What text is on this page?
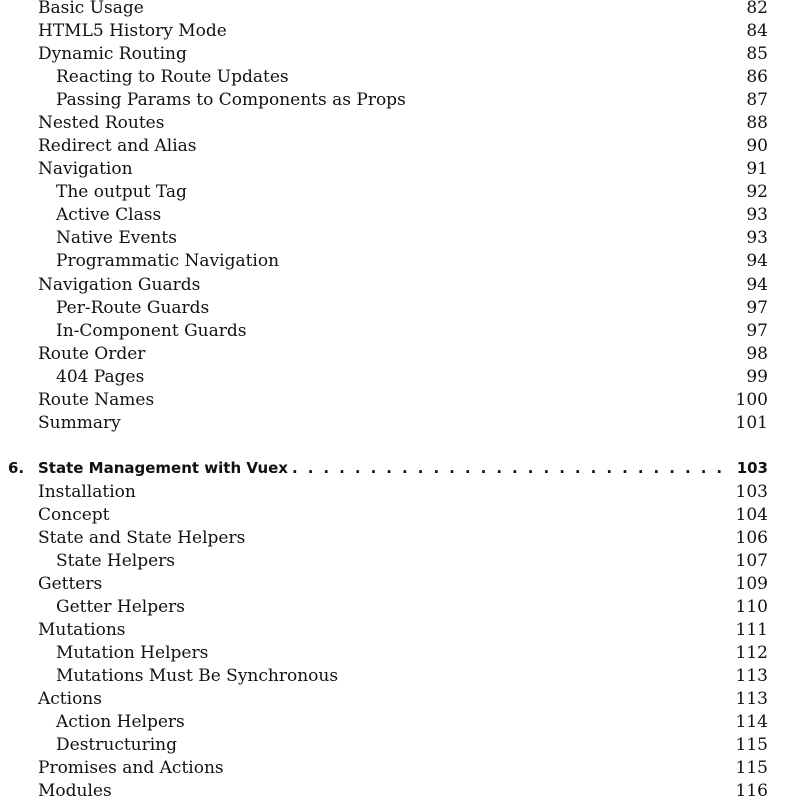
Basic Usage	82
HTML5 History Mode	84
Dynamic Routing	85
Reacting to Route Updates	86
Passing Params to Components as Props	87
Nested Routes	88
Redirect and Alias	90
Navigation	91
The output Tag	92
Active Class	93
Native Events	93
Programmatic Navigation	94
Navigation Guards	94
Per-Route Guards	97
In-Component Guards	97
Route Order	98
404 Pages	99
Route Names	100
Summary	101
6. State Management with Vuex . . .	103
Installation	103
Concept	104
State and State Helpers	106
State Helpers	107
Getters	109
Getter Helpers	110
Mutations	111
Mutation Helpers	112
Mutations Must Be Synchronous	113
Actions	113
Action Helpers	114
Destructuring	115
Promises and Actions	115
Modules	116
